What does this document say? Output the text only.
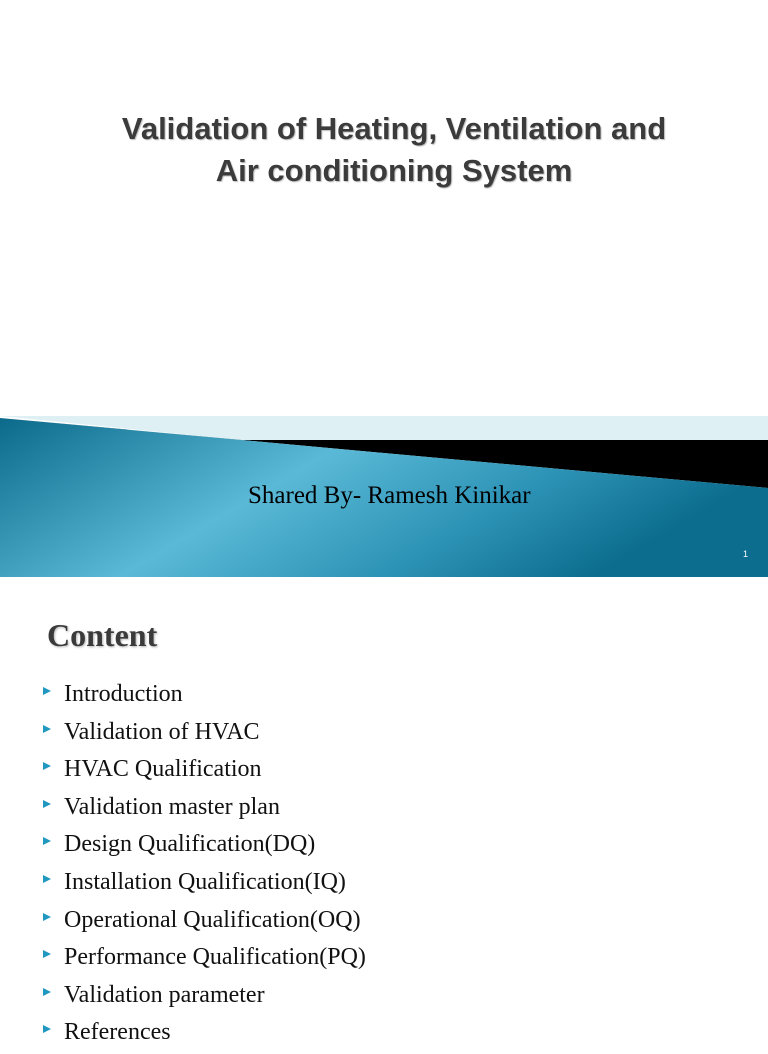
Validation of Heating, Ventilation and
Air conditioning System
Shared By- Ramesh Kinikar
1
Content
Introduction
Validation of HVAC
HVAC Qualification
Validation master plan
Design Qualification(DQ)
Installation Qualification(IQ)
Operational Qualification(OQ)
Performance Qualification(PQ)
Validation parameter
References
